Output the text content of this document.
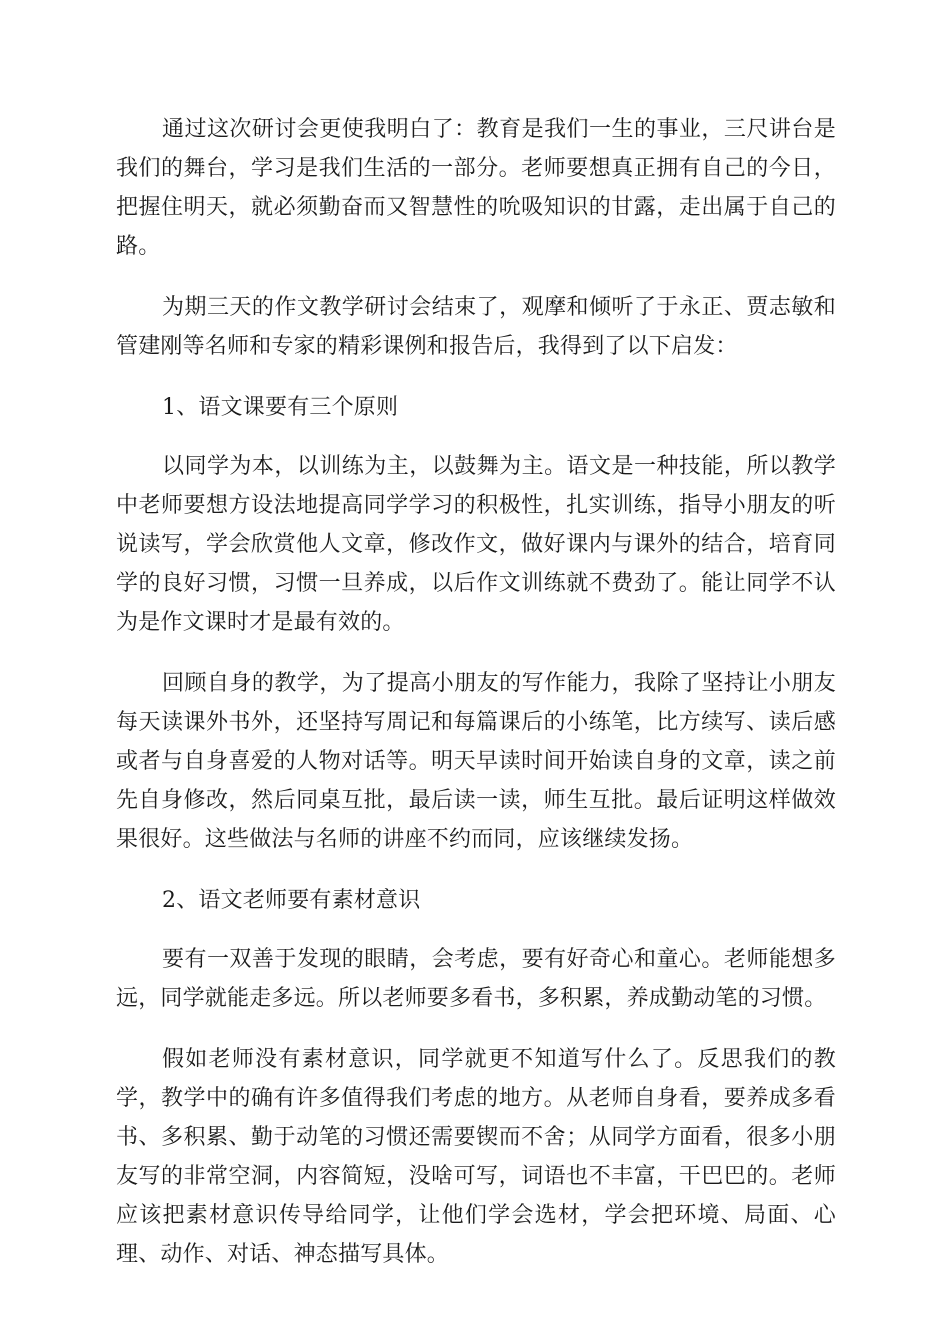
通过这次研讨会更使我明白了：教育是我们一生的事业，三尺讲台是我们的舞台，学习是我们生活的一部分。老师要想真正拥有自己的今日，把握住明天，就必须勤奋而又智慧性的吮吸知识的甘露，走出属于自己的路。

为期三天的作文教学研讨会结束了，观摩和倾听了于永正、贾志敏和管建刚等名师和专家的精彩课例和报告后，我得到了以下启发：

1、语文课要有三个原则

以同学为本，以训练为主，以鼓舞为主。语文是一种技能，所以教学中老师要想方设法地提高同学学习的积极性，扎实训练，指导小朋友的听说读写，学会欣赏他人文章，修改作文，做好课内与课外的结合，培育同学的良好习惯，习惯一旦养成，以后作文训练就不费劲了。能让同学不认为是作文课时才是最有效的。

回顾自身的教学，为了提高小朋友的写作能力，我除了坚持让小朋友每天读课外书外，还坚持写周记和每篇课后的小练笔，比方续写、读后感或者与自身喜爱的人物对话等。明天早读时间开始读自身的文章，读之前先自身修改，然后同桌互批，最后读一读，师生互批。最后证明这样做效果很好。这些做法与名师的讲座不约而同，应该继续发扬。

2、语文老师要有素材意识

要有一双善于发现的眼睛，会考虑，要有好奇心和童心。老师能想多远，同学就能走多远。所以老师要多看书，多积累，养成勤动笔的习惯。

假如老师没有素材意识，同学就更不知道写什么了。反思我们的教学，教学中的确有许多值得我们考虑的地方。从老师自身看，要养成多看书、多积累、勤于动笔的习惯还需要锲而不舍；从同学方面看，很多小朋友写的非常空洞，内容简短，没啥可写，词语也不丰富，干巴巴的。老师应该把素材意识传导给同学，让他们学会选材，学会把环境、局面、心理、动作、对话、神态描写具体。
